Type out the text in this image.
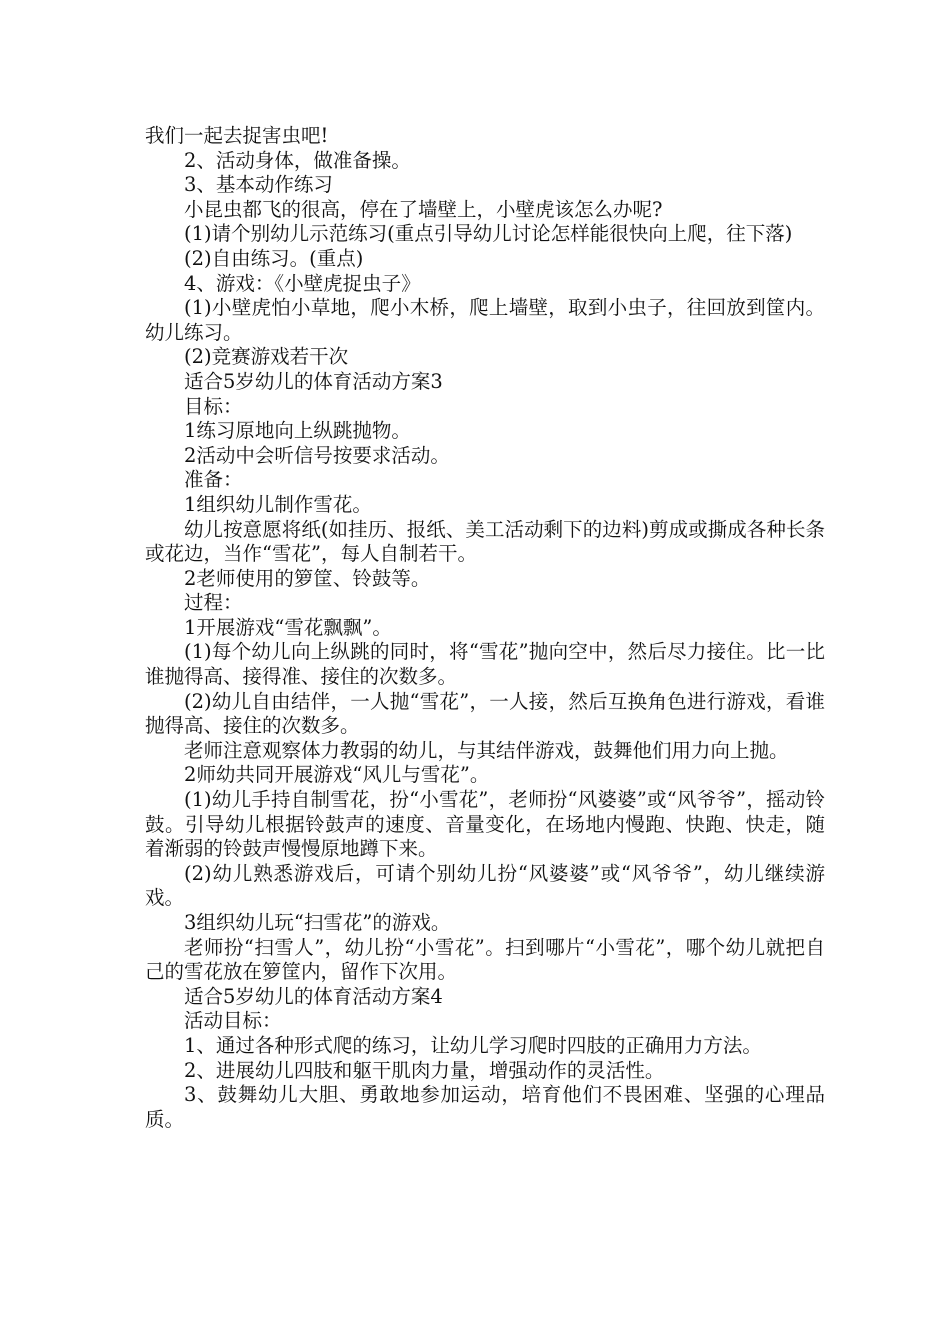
我们一起去捉害虫吧!

2、活动身体，做准备操。

3、基本动作练习

小昆虫都飞的很高，停在了墙壁上，小壁虎该怎么办呢?

(1)请个别幼儿示范练习(重点引导幼儿讨论怎样能很快向上爬，往下落)

(2)自由练习。(重点)

4、游戏：《小壁虎捉虫子》

(1)小壁虎怕小草地，爬小木桥，爬上墙壁，取到小虫子，往回放到筐内。幼儿练习。

(2)竞赛游戏若干次

适合5岁幼儿的体育活动方案3

目标：

1练习原地向上纵跳抛物。

2活动中会听信号按要求活动。

准备：

1组织幼儿制作雪花。

幼儿按意愿将纸(如挂历、报纸、美工活动剩下的边料)剪成或撕成各种长条或花边，当作“雪花”，每人自制若干。

2老师使用的箩筐、铃鼓等。

过程：

1开展游戏“雪花飘飘”。

(1)每个幼儿向上纵跳的同时，将“雪花”抛向空中，然后尽力接住。比一比谁抛得高、接得准、接住的次数多。

(2)幼儿自由结伴，一人抛“雪花”，一人接，然后互换角色进行游戏，看谁抛得高、接住的次数多。

老师注意观察体力教弱的幼儿，与其结伴游戏，鼓舞他们用力向上抛。

2师幼共同开展游戏“风儿与雪花”。

(1)幼儿手持自制雪花，扮“小雪花”，老师扮“风婆婆”或“风爷爷”，摇动铃鼓。引导幼儿根据铃鼓声的速度、音量变化，在场地内慢跑、快跑、快走，随着渐弱的铃鼓声慢慢原地蹲下来。

(2)幼儿熟悉游戏后，可请个别幼儿扮“风婆婆”或“风爷爷”，幼儿继续游戏。

3组织幼儿玩“扫雪花”的游戏。

老师扮“扫雪人”，幼儿扮“小雪花”。扫到哪片“小雪花”，哪个幼儿就把自己的雪花放在箩筐内，留作下次用。

适合5岁幼儿的体育活动方案4

活动目标：

1、通过各种形式爬的练习，让幼儿学习爬时四肢的正确用力方法。

2、进展幼儿四肢和躯干肌肉力量，增强动作的灵活性。

3、鼓舞幼儿大胆、勇敢地参加运动，培育他们不畏困难、坚强的心理品质。
